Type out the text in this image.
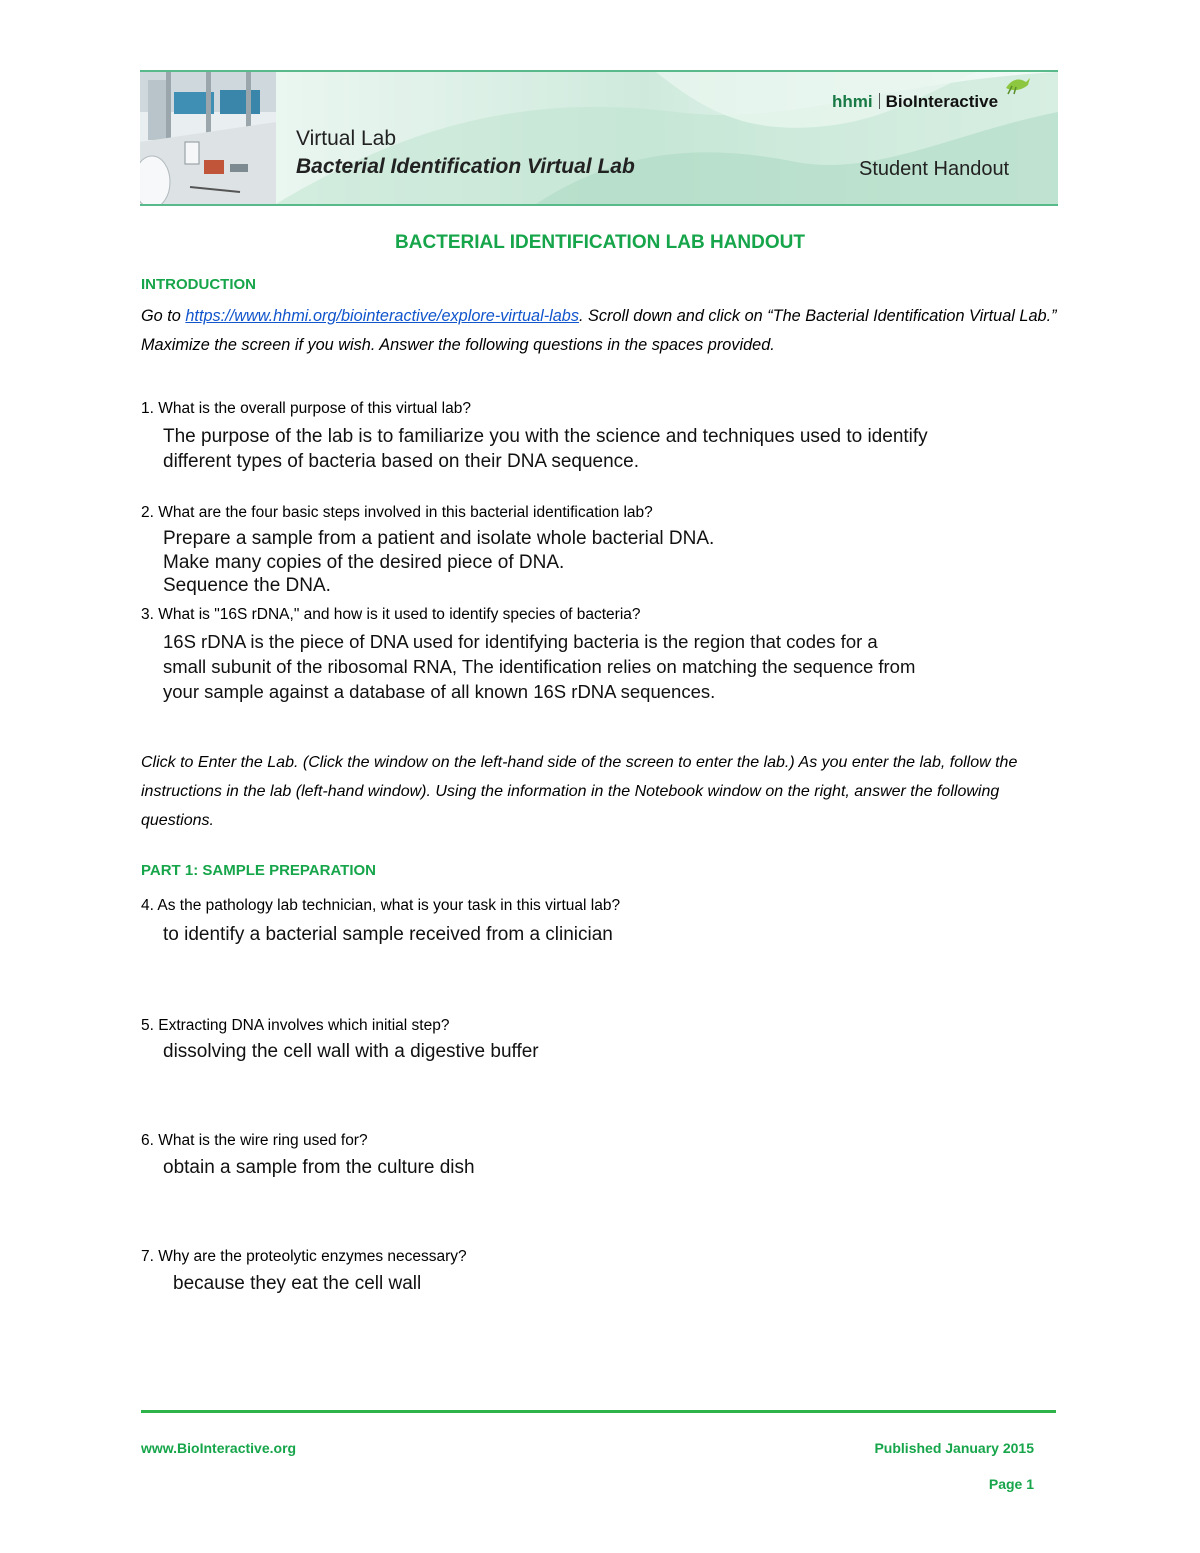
hhmi BioInteractive
Virtual Lab
Bacterial Identification Virtual Lab	Student Handout
BACTERIAL IDENTIFICATION LAB HANDOUT
INTRODUCTION
Go to https://www.hhmi.org/biointeractive/explore-virtual-labs. Scroll down and click on “The Bacterial Identification Virtual Lab.” Maximize the screen if you wish. Answer the following questions in the spaces provided.
1. What is the overall purpose of this virtual lab?
The purpose of the lab is to familiarize you with the science and techniques used to identify
different types of bacteria based on their DNA sequence.
2. What are the four basic steps involved in this bacterial identification lab?
Prepare a sample from a patient and isolate whole bacterial DNA.
Make many copies of the desired piece of DNA.
Sequence the DNA.
3. What is "16S rDNA," and how is it used to identify species of bacteria?
16S rDNA is the piece of DNA used for identifying bacteria is the region that codes for a
small subunit of the ribosomal RNA, The identification relies on matching the sequence from
your sample against a database of all known 16S rDNA sequences.
Click to Enter the Lab. (Click the window on the left-hand side of the screen to enter the lab.) As you enter the lab, follow the instructions in the lab (left-hand window). Using the information in the Notebook window on the right, answer the following questions.
PART 1: SAMPLE PREPARATION
4. As the pathology lab technician, what is your task in this virtual lab?
to identify a bacterial sample received from a clinician
5. Extracting DNA involves which initial step?
dissolving the cell wall with a digestive buffer
6. What is the wire ring used for?
obtain a sample from the culture dish
7. Why are the proteolytic enzymes necessary?
because they eat the cell wall
www.BioInteractive.org	Published January 2015
Page 1
